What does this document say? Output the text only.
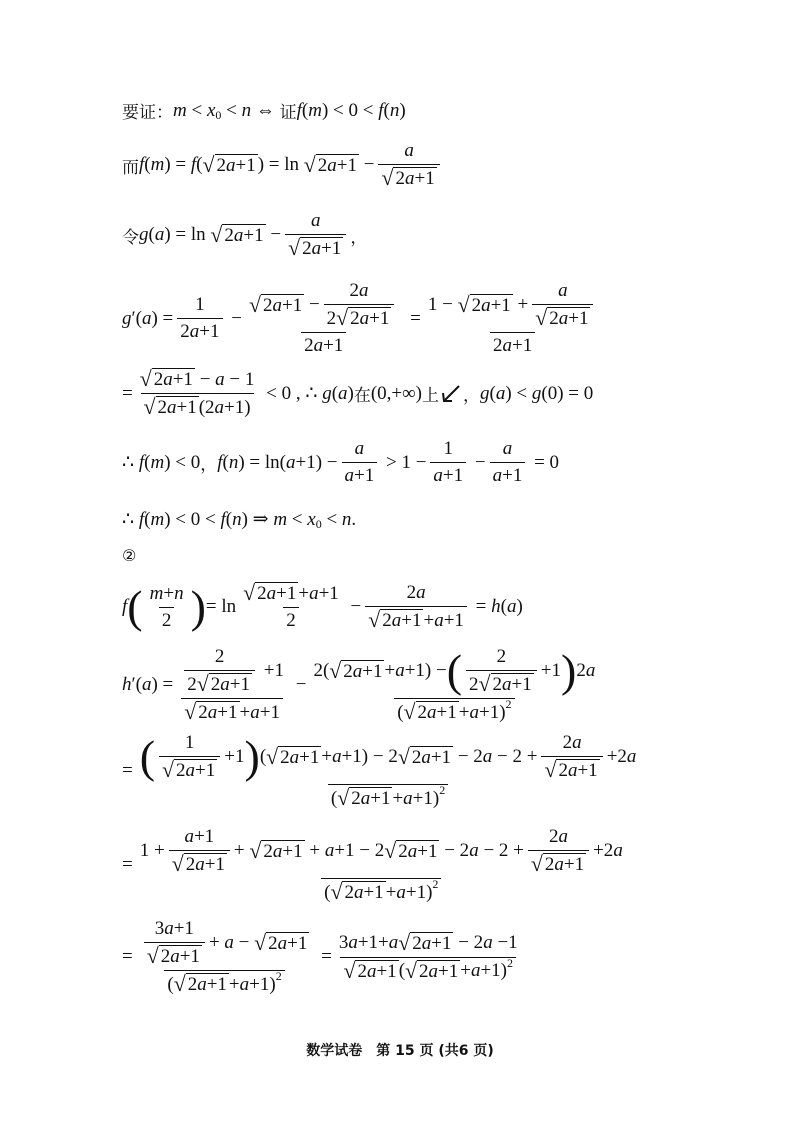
要证： m < x 0 < n ⇔ 证 f ( m ) < 0 < f ( n )
而 f ( m ) = f ( √ 2a+1 ) = ln √ $2a+1 - \frac{a}{√ 2a+1}$
令 g ( a ) = ln √ $2a+1 - \frac{a}{√ 2a+1}$ ，
g ′( a ) = $\frac{1}{2 a +1} - \frac{√ 2a+1 - \frac{2 a}{2 √ 2a+1}}{2 a +1} = \frac{1 - √ 2a+1 + \frac{a}{√ 2a+1}}{2 a +1}$
= $\frac{√ 2a+1 - a - 1}{√ 2a+1 (2 a +1)} < 0$ , ∴ g ( a ) 在 (0,+∞) 上 ， g ( a ) < g (0) = 0
∴ f ( m ) < 0 ， f ( n ) = ln( $a +1) - \frac{a}{a +1} > 1 - \frac{1}{a +1} - \frac{a}{a +1} = 0$
∴ f ( m ) < 0 < f ( n ) ⇒ m < x 0 < n .
②
f ( $\frac{m + n}{2}$ ) = $\ln \frac{√ 2a+1 + a +1}{2} - \frac{2 a}{√ 2a+1 + a +1} = h$ ( a )
h ′( a ) = $\frac{\frac{2}{2 √ 2a+1} +1}{√ 2a+1 + a +1} - \frac{2( √ 2a+1 + a +1) - ( \frac{2}{2 √ 2a+1} +1 ) 2 a}{( √ 2a+1 + a +1) 2}$
= ( $\frac{1}{√ 2a+1} +1$ ) ( √ 2a+1 + a +1) − 2 √ 2a+1 − 2 $a - 2 + \frac{2 a}{√ 2a+1} +2$ a
( √ 2a+1 + a +1) 2
=
$1 + \frac{a +1}{√ 2a+1}$ + √ 2a+1 + a +1 − 2 √ 2a+1 − 2 $a - 2 + \frac{2 a}{√ 2a+1} +2$ a
( √ 2a+1 + a +1) 2
= $\frac{\frac{3 a +1}{√ 2a+1} + a - √ 2a+1}{( √ 2a+1 + a +1) 2} = \frac{3 a +1+ a √ 2a+1 - 2 a -1}{√ 2a+1 ( √ 2a+1 + a +1) 2}$
数学试卷　第 15 页 (共6 页)
